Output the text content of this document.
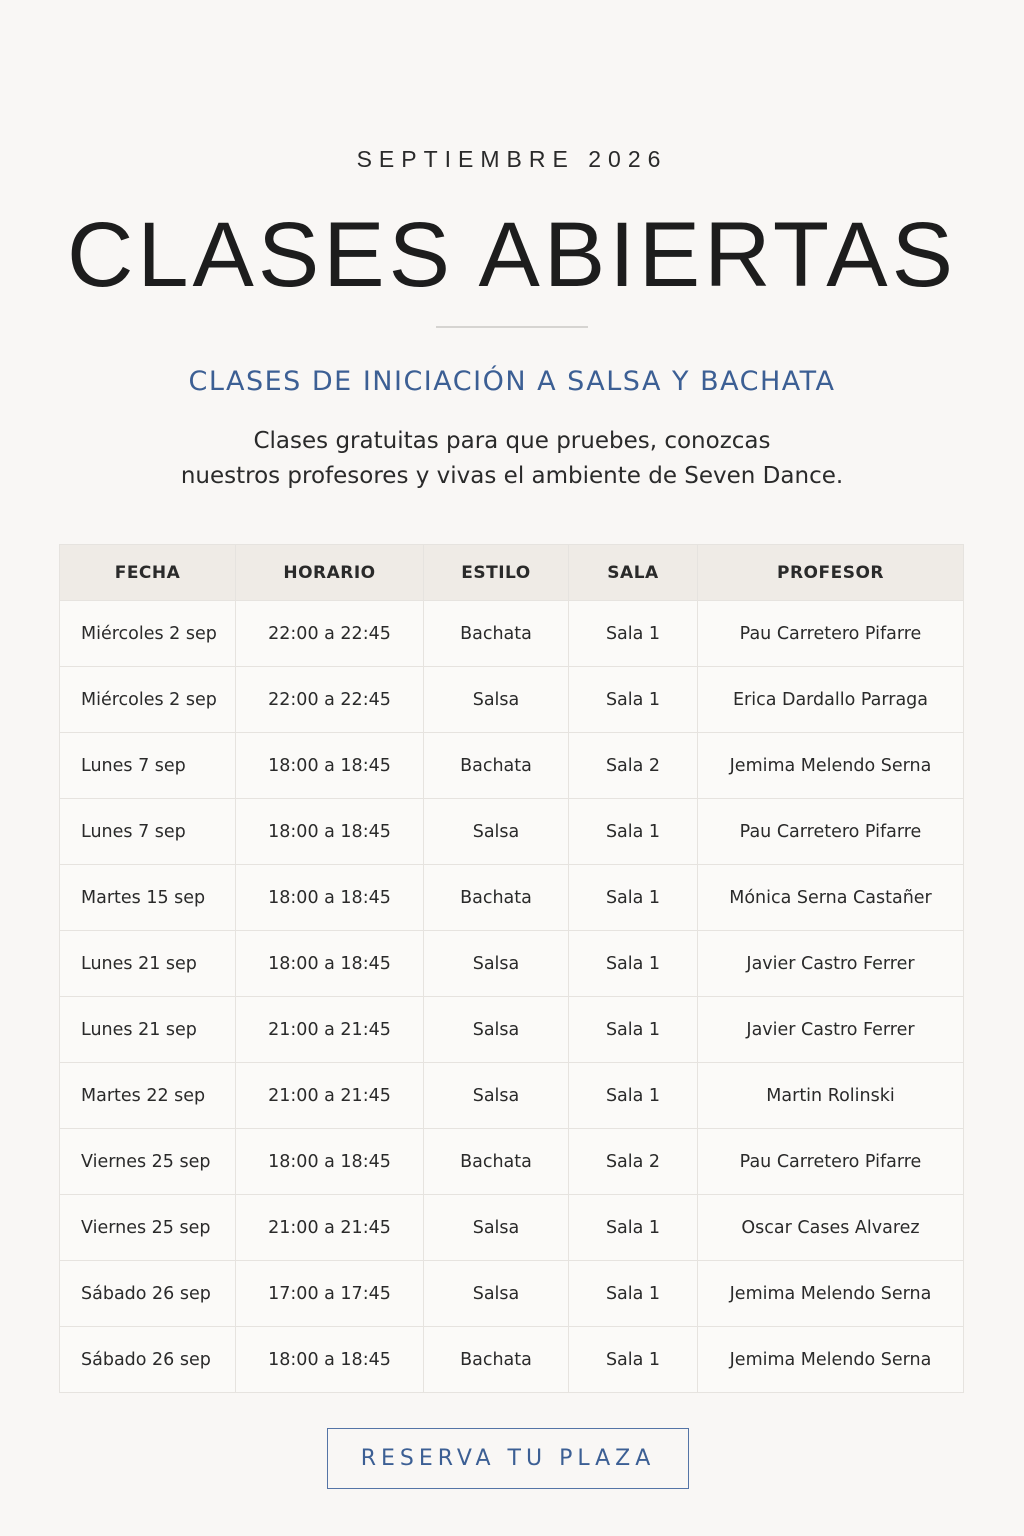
SEPTIEMBRE 2026
CLASES ABIERTAS
CLASES DE INICIACIÓN A SALSA Y BACHATA
Clases gratuitas para que pruebes, conozcas
nuestros profesores y vivas el ambiente de Seven Dance.
FECHA	HORARIO	ESTILO	SALA	PROFESOR
Miércoles 2 sep	22:00 a 22:45	Bachata	Sala 1	Pau Carretero Pifarre
Miércoles 2 sep	22:00 a 22:45	Salsa	Sala 1	Erica Dardallo Parraga
Lunes 7 sep	18:00 a 18:45	Bachata	Sala 2	Jemima Melendo Serna
Lunes 7 sep	18:00 a 18:45	Salsa	Sala 1	Pau Carretero Pifarre
Martes 15 sep	18:00 a 18:45	Bachata	Sala 1	Mónica Serna Castañer
Lunes 21 sep	18:00 a 18:45	Salsa	Sala 1	Javier Castro Ferrer
Lunes 21 sep	21:00 a 21:45	Salsa	Sala 1	Javier Castro Ferrer
Martes 22 sep	21:00 a 21:45	Salsa	Sala 1	Martin Rolinski
Viernes 25 sep	18:00 a 18:45	Bachata	Sala 2	Pau Carretero Pifarre
Viernes 25 sep	21:00 a 21:45	Salsa	Sala 1	Oscar Cases Alvarez
Sábado 26 sep	17:00 a 17:45	Salsa	Sala 1	Jemima Melendo Serna
Sábado 26 sep	18:00 a 18:45	Bachata	Sala 1	Jemima Melendo Serna
RESERVA TU PLAZA
